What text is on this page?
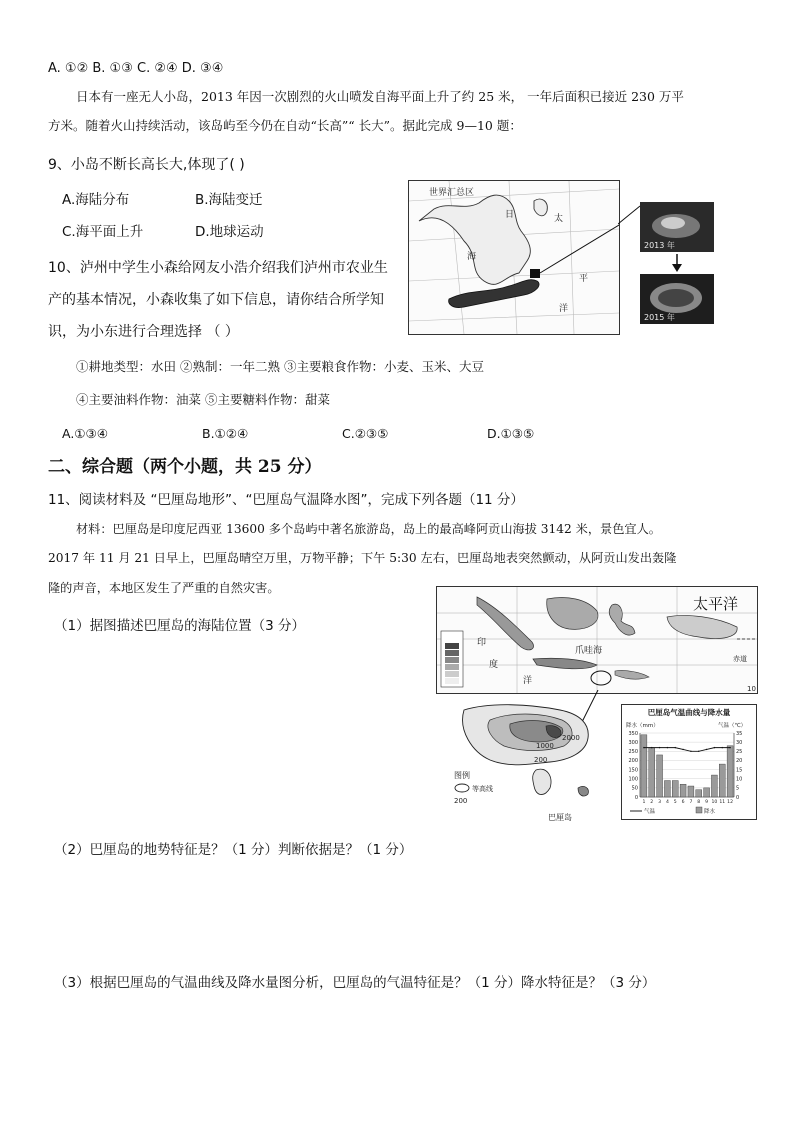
A. ①② B. ①③ C. ②④ D. ③④
日本有一座无人小岛，2013 年因一次剧烈的火山喷发自海平面上升了约 25 米， 一年后面积已接近 230 万平
方米。随着火山持续活动，该岛屿至今仍在自动“长高”“ 长大”。据此完成 9—10 题：
9、小岛不断长高长大,体现了( )
A.海陆分布	B.海陆变迁
C.海平面上升	D.地球运动
10、泸州中学生小森给网友小浩介绍我们泸州市农业生
产的基本情况，小森收集了如下信息，请你结合所学知
识，为小东进行合理选择 （ ）
①耕地类型：水田 ②熟制：一年二熟 ③主要粮食作物：小麦、玉米、大豆
④主要油料作物：油菜 ⑤主要糖料作物：甜菜
A.①③④	B.①②④	C.②③⑤	D.①③⑤
世界汇总区
日	太
海
平
洋
2013 年
2015 年
二、综合题（两个小题，共 25 分）
11、阅读材料及 “巴厘岛地形”、“巴厘岛气温降水图”，完成下列各题（11 分）
材料：巴厘岛是印度尼西亚 13600 多个岛屿中著名旅游岛，岛上的最高峰阿贡山海拔 3142 米，景色宜人。
2017 年 11 月 21 日早上，巴厘岛晴空万里，万物平静；下午 5:30 左右，巴厘岛地表突然颤动，从阿贡山发出轰隆
隆的声音，本地区发生了严重的自然灾害。
（1）据图描述巴厘岛的海陆位置（3 分）
（2）巴厘岛的地势特征是？（1 分）判断依据是？（1 分）
（3）根据巴厘岛的气温曲线及降水量图分析，巴厘岛的气温特征是？（1 分）降水特征是？（3 分）
太平洋
赤道
印
度
洋
爪哇海
10
2000
1000
200
图例
等高线
200
巴厘岛
巴厘岛气温曲线与降水量
降水（mm）	气温（℃）
0
50
100
150
200
250
300
350
0
5
10
15
20
25
30
35
1 2 3 4 5 6 7 8 9 10 11 12
气温	降水
